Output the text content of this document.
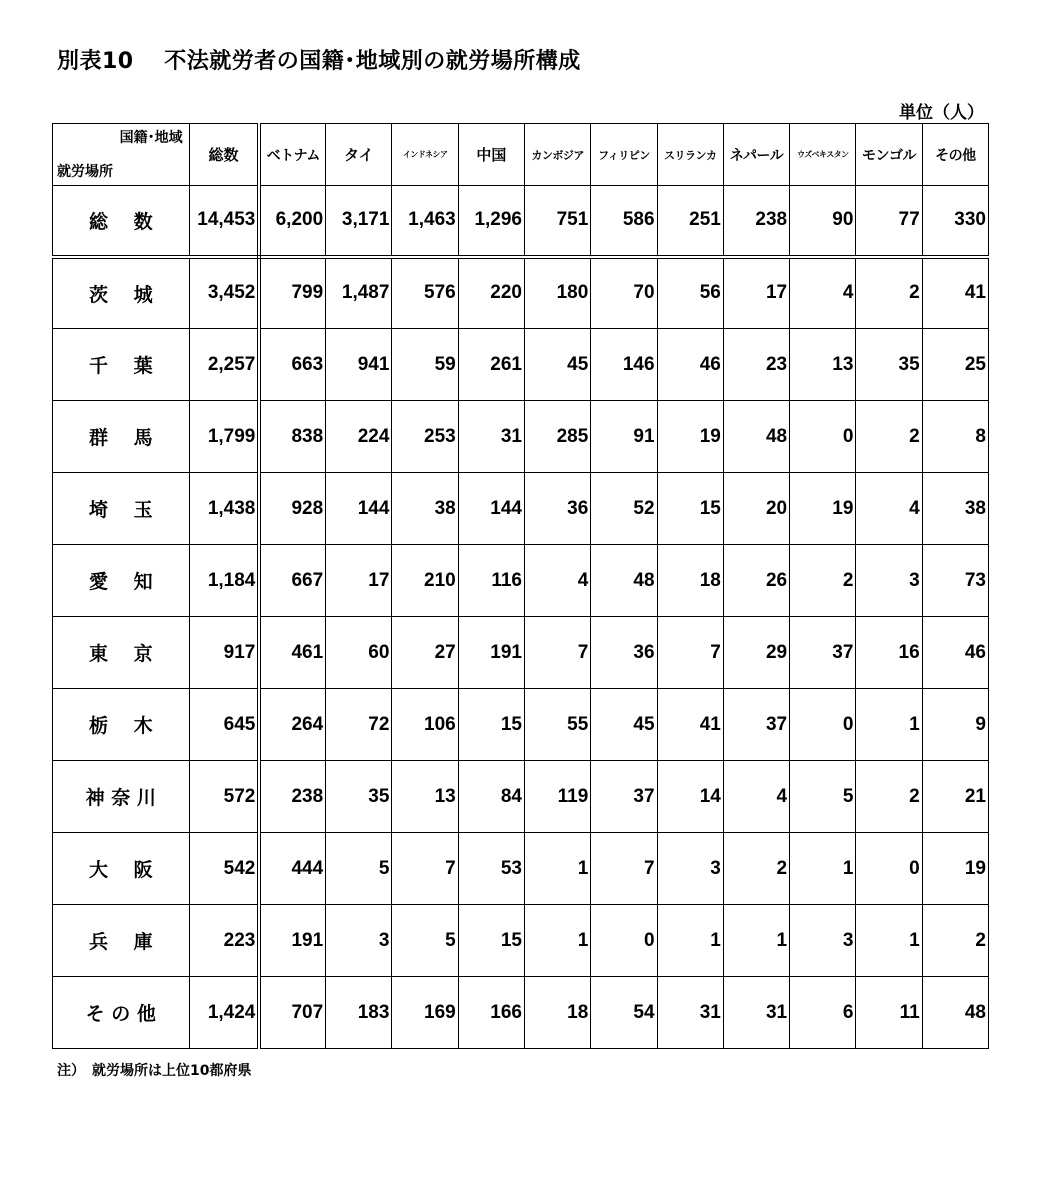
別表10　 不法就労者の国籍･地域別の就労場所構成
単位（人）
国籍･地域
就労場所	総数	ベトナム	タイ	インドネシア	中国	カンボジア	フィリピン	スリランカ	ネパール	ウズベキスタン	モンゴル	その他
総　 数	14,453	6,200	3,171	1,463	1,296	751	586	251	238	90	77	330
茨　 城	3,452	799	1,487	576	220	180	70	56	17	4	2	41
千　 葉	2,257	663	941	59	261	45	146	46	23	13	35	25
群　 馬	1,799	838	224	253	31	285	91	19	48	0	2	8
埼　 玉	1,438	928	144	38	144	36	52	15	20	19	4	38
愛　 知	1,184	667	17	210	116	4	48	18	26	2	3	73
東　 京	917	461	60	27	191	7	36	7	29	37	16	46
栃　 木	645	264	72	106	15	55	45	41	37	0	1	9
神 奈 川	572	238	35	13	84	119	37	14	4	5	2	21
大　 阪	542	444	5	7	53	1	7	3	2	1	0	19
兵　 庫	223	191	3	5	15	1	0	1	1	3	1	2
そ の 他	1,424	707	183	169	166	18	54	31	31	6	11	48
注）　就労場所は上位10都府県
